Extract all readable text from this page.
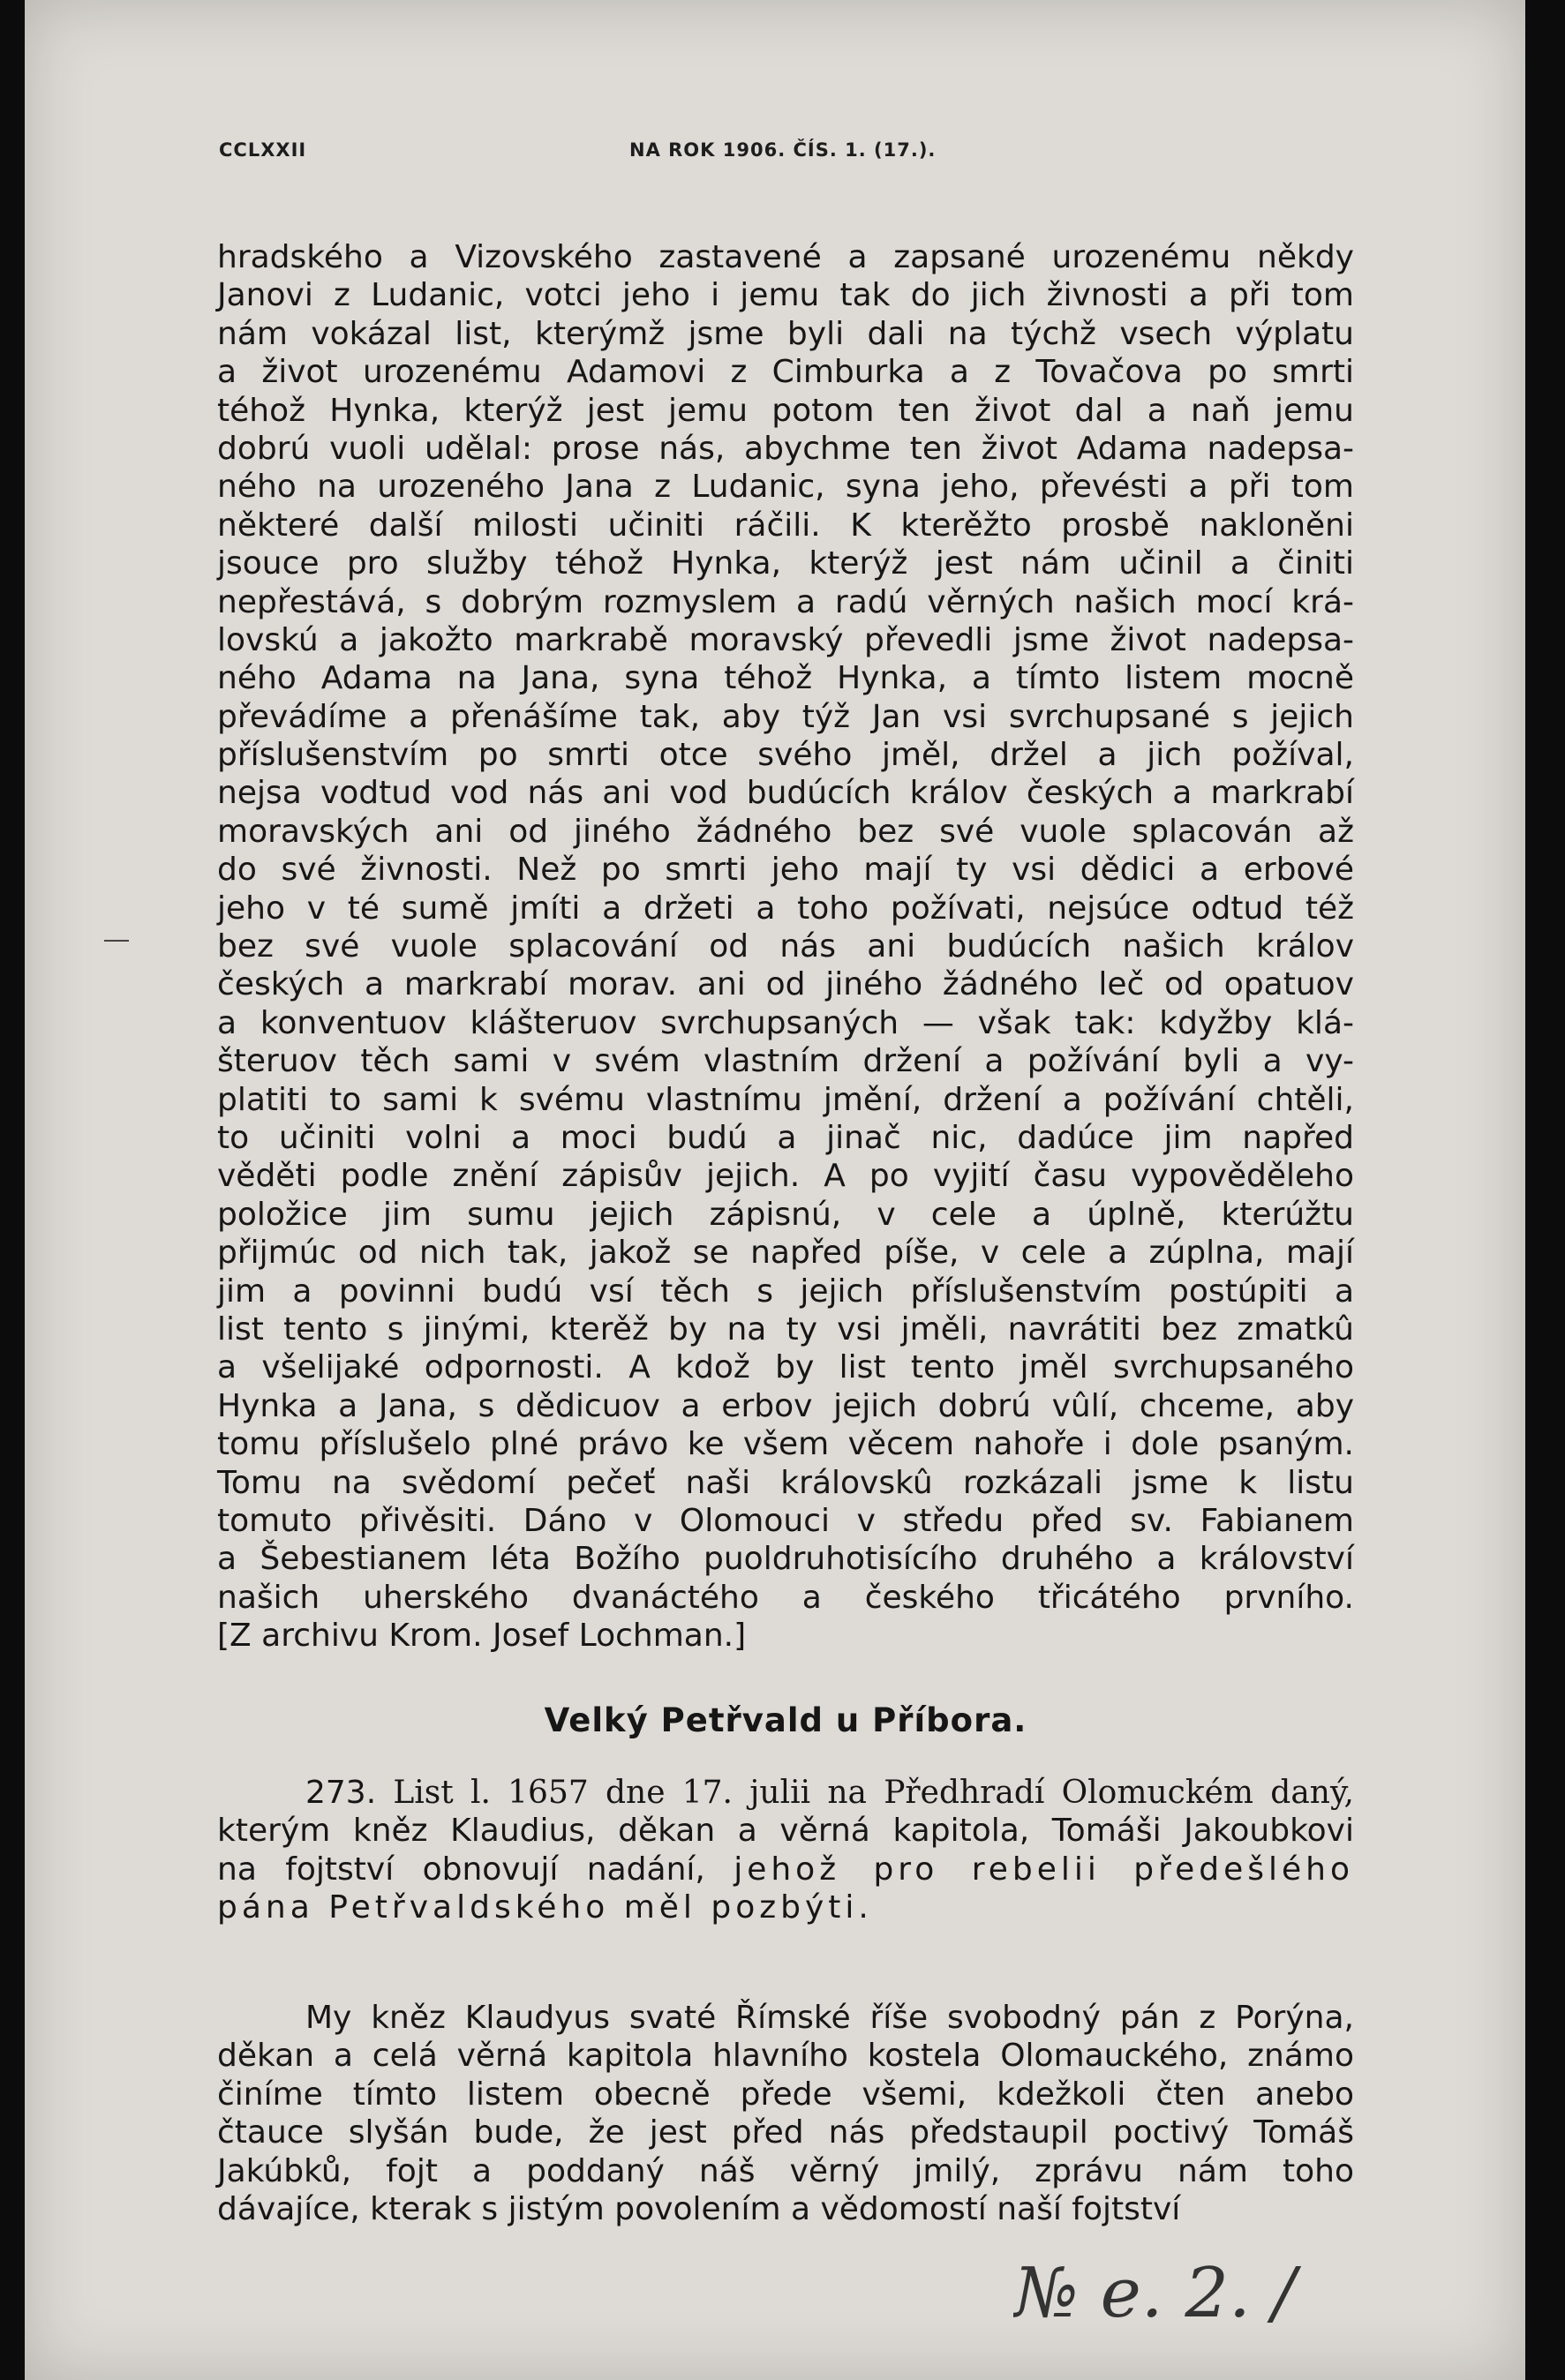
CCLXXII	NA ROK 1906. ČÍS. 1. (17.).
hradského a Vizovského zastavené a zapsané urozenému někdy
Janovi z Ludanic, votci jeho i jemu tak do jich živnosti a při tom
nám vokázal list, kterýmž jsme byli dali na týchž vsech výplatu
a život urozenému Adamovi z Cimburka a z Tovačova po smrti
téhož Hynka, kterýž jest jemu potom ten život dal a naň jemu
dobrú vuoli udělal: prose nás, abychme ten život Adama nadepsa-
ného na urozeného Jana z Ludanic, syna jeho, převésti a při tom
některé další milosti učiniti ráčili. K kterěžto prosbě nakloněni
jsouce pro služby téhož Hynka, kterýž jest nám učinil a činiti
nepřestává, s dobrým rozmyslem a radú věrných našich mocí krá-
lovskú a jakožto markrabě moravský převedli jsme život nadepsa-
ného Adama na Jana, syna téhož Hynka, a tímto listem mocně
převádíme a přenášíme tak, aby týž Jan vsi svrchupsané s jejich
příslušenstvím po smrti otce svého jměl, držel a jich požíval,
nejsa vodtud vod nás ani vod budúcích králov českých a markrabí
moravských ani od jiného žádného bez své vuole splacován až
do své živnosti. Než po smrti jeho mají ty vsi dědici a erbové
jeho v té sumě jmíti a držeti a toho požívati, nejsúce odtud též
bez své vuole splacování od nás ani budúcích našich králov
českých a markrabí morav. ani od jiného žádného leč od opatuov
a konventuov klášteruov svrchupsaných — však tak: kdyžby klá-
šteruov těch sami v svém vlastním držení a požívání byli a vy-
platiti to sami k svému vlastnímu jmění, držení a požívání chtěli,
to učiniti volni a moci budú a jinač nic, dadúce jim napřed
věděti podle znění zápisův jejich. A po vyjití času vypověděleho
položice jim sumu jejich zápisnú, v cele a úplně, kterúžtu
přijmúc od nich tak, jakož se napřed píše, v cele a zúplna, mají
jim a povinni budú vsí těch s jejich příslušenstvím postúpiti a
list tento s jinými, kterěž by na ty vsi jměli, navrátiti bez zmatkû
a všelijaké odpornosti. A kdož by list tento jměl svrchupsaného
Hynka a Jana, s dědicuov a erbov jejich dobrú vûlí, chceme, aby
tomu příslušelo plné právo ke všem věcem nahoře i dole psaným.
Tomu na svědomí pečeť naši královskû rozkázali jsme k listu
tomuto přivěsiti. Dáno v Olomouci v středu před sv. Fabianem
a Šebestianem léta Božího puoldruhotisícího druhého a království
našich uherského dvanáctého a českého třicátého prvního.
[Z archivu Krom. Josef Lochman.]
Velký Petřvald u Příbora.
273. List l. 1657 dne 17. julii na Předhradí Olomuckém daný,
kterým kněz Klaudius, děkan a věrná kapitola, Tomáši Jakoubkovi
na fojtství obnovují nadání, jehož pro rebelii předešlého
pána Petřvaldského měl pozbýti.
My kněz Klaudyus svaté Římské říše svobodný pán z Porýna,
děkan a celá věrná kapitola hlavního kostela Olomauckého, známo
činíme tímto listem obecně přede všemi, kdežkoli čten anebo
čtauce slyšán bude, že jest před nás předstaupil poctivý Tomáš
Jakúbků, fojt a poddaný náš věrný jmilý, zprávu nám toho
dávajíce, kterak s jistým povolením a vědomostí naší fojtství
№ e. 2. /
